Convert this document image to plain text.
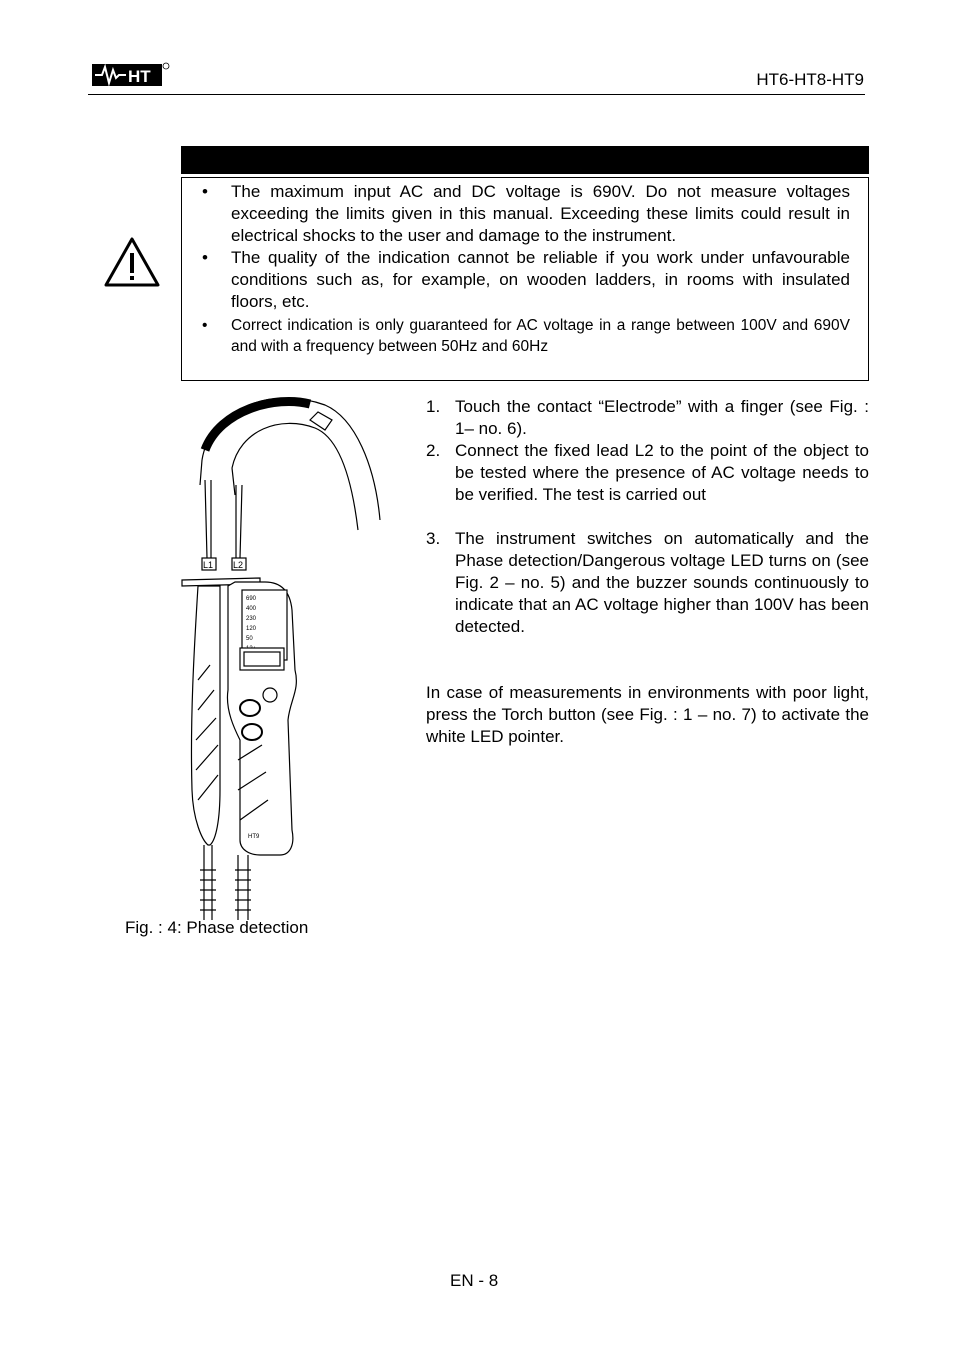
HT	HT6-HT8-HT9
• The maximum input AC and DC voltage is 690V. Do not measure voltages exceeding the limits given in this manual. Exceeding these limits could result in electrical shocks to the user and damage to the instrument.
• The quality of the indication cannot be reliable if you work under unfavourable conditions such as, for example, on wooden ladders, in rooms with insulated floors, etc.
• Correct indication is only guaranteed for AC voltage in a range between 100V and 690V and with a frequency between 50Hz and 60Hz
L1 L2
690
400
230
120
50
HT9
Fig. : 4: Phase detection
1. Touch the contact “Electrode” with a finger (see Fig. : 1– no. 6).
2. Connect the fixed lead L2 to the point of the object to be tested where the presence of AC voltage needs to be verified. The test is carried out
3. The instrument switches on automatically and the Phase detection/Dangerous voltage LED turns on (see Fig. 2 – no. 5) and the buzzer sounds continuously to indicate that an AC voltage higher than 100V has been detected.

In case of measurements in environments with poor light, press the Torch button (see Fig. : 1 – no. 7) to activate the white LED pointer.

EN - 8
